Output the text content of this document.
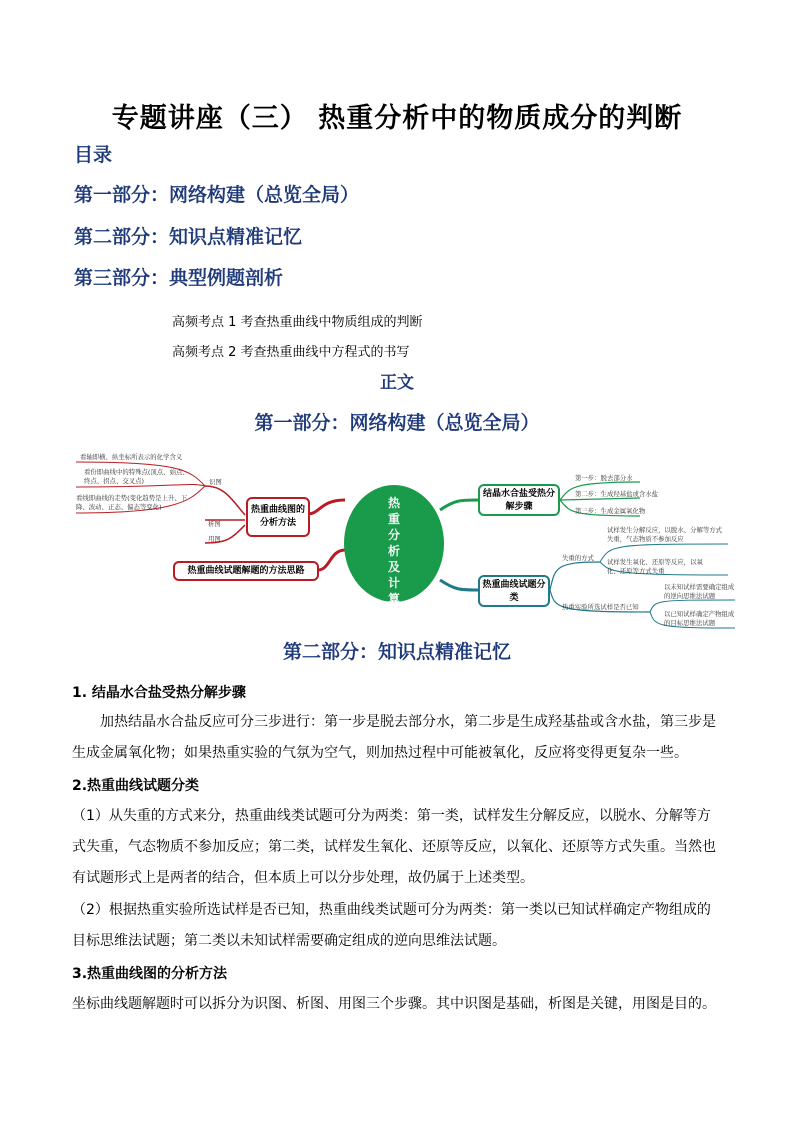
专题讲座（三） 热重分析中的物质成分的判断
目录
第一部分：网络构建（总览全局）
第二部分：知识点精准记忆
第三部分：典型例题剖析
高频考点 1 考查热重曲线中物质组成的判断
高频考点 2 考查热重曲线中方程式的书写
正文
第一部分：网络构建（总览全局）
热重分析及计算
热重曲线图的分析方法
热重曲线试题解题的方法思路
识图
析图
用图
看轴即横、纵坐标所表示的化学含义
看份即曲线中的特殊点(顶点、始点、终点、拐点、交叉点)
看线即曲线的走势(变化趋势是上升、下降、波动、正态、偏态等变化)
结晶水合盐受热分解步骤
第一步：脱去部分水
第二步：生成羟基盐或含水盐
第三步：生成金属氧化物
热重曲线试题分类
失重的方式
热重实验所选试样是否已知
试样发生分解反应，以脱水、分解等方式失重，气态物质不参加反应
试样发生氧化、还原等反应，以氧化、还原等方式失重
以未知试样需要确定组成的逆向思维法试题
以已知试样确定产物组成的目标思维法试题
第二部分：知识点精准记忆
1. 结晶水合盐受热分解步骤
　　加热结晶水合盐反应可分三步进行：第一步是脱去部分水，第二步是生成羟基盐或含水盐，第三步是生成金属氧化物；如果热重实验的气氛为空气，则加热过程中可能被氧化，反应将变得更复杂一些。
2.热重曲线试题分类
（1）从失重的方式来分，热重曲线类试题可分为两类：第一类，试样发生分解反应，以脱水、分解等方式失重，气态物质不参加反应；第二类，试样发生氧化、还原等反应，以氧化、还原等方式失重。当然也有试题形式上是两者的结合，但本质上可以分步处理，故仍属于上述类型。
（2）根据热重实验所选试样是否已知，热重曲线类试题可分为两类：第一类以已知试样确定产物组成的目标思维法试题；第二类以未知试样需要确定组成的逆向思维法试题。
3.热重曲线图的分析方法
坐标曲线题解题时可以拆分为识图、析图、用图三个步骤。其中识图是基础，析图是关键，用图是目的。
